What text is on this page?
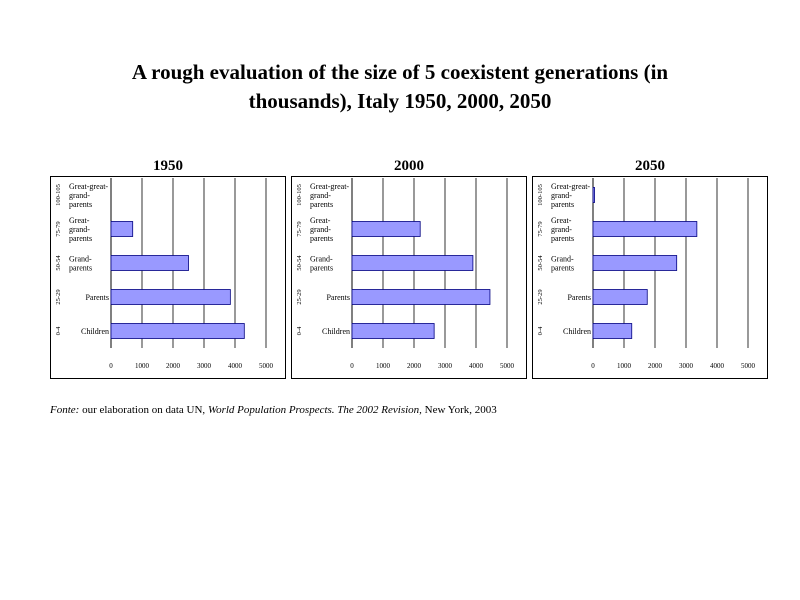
A rough evaluation of the size of 5 coexistent generations (in
thousands), Italy 1950, 2000, 2050
1950	2000	2050
0	1000 2000 3000 4000 5000
Great-great-
grand-
parents
100-105
Great-
grand-
parents
75-79
Grand-
parents
50-54
Parents
25-29
Children
0-4
0	1000 2000 3000 4000 5000
Great-great-
grand-
parents
100-105
Great-
grand-
parents
75-79
Grand-
parents
50-54
Parents
25-29
Children
0-4
0	1000 2000 3000 4000 5000
Great-great-
grand-
parents
100-105
Great-
grand-
parents
75-79
Grand-
parents
50-54
Parents
25-29
Children
0-4
Fonte: our elaboration on data UN, World Population Prospects. The 2002 Revision, New York, 2003
